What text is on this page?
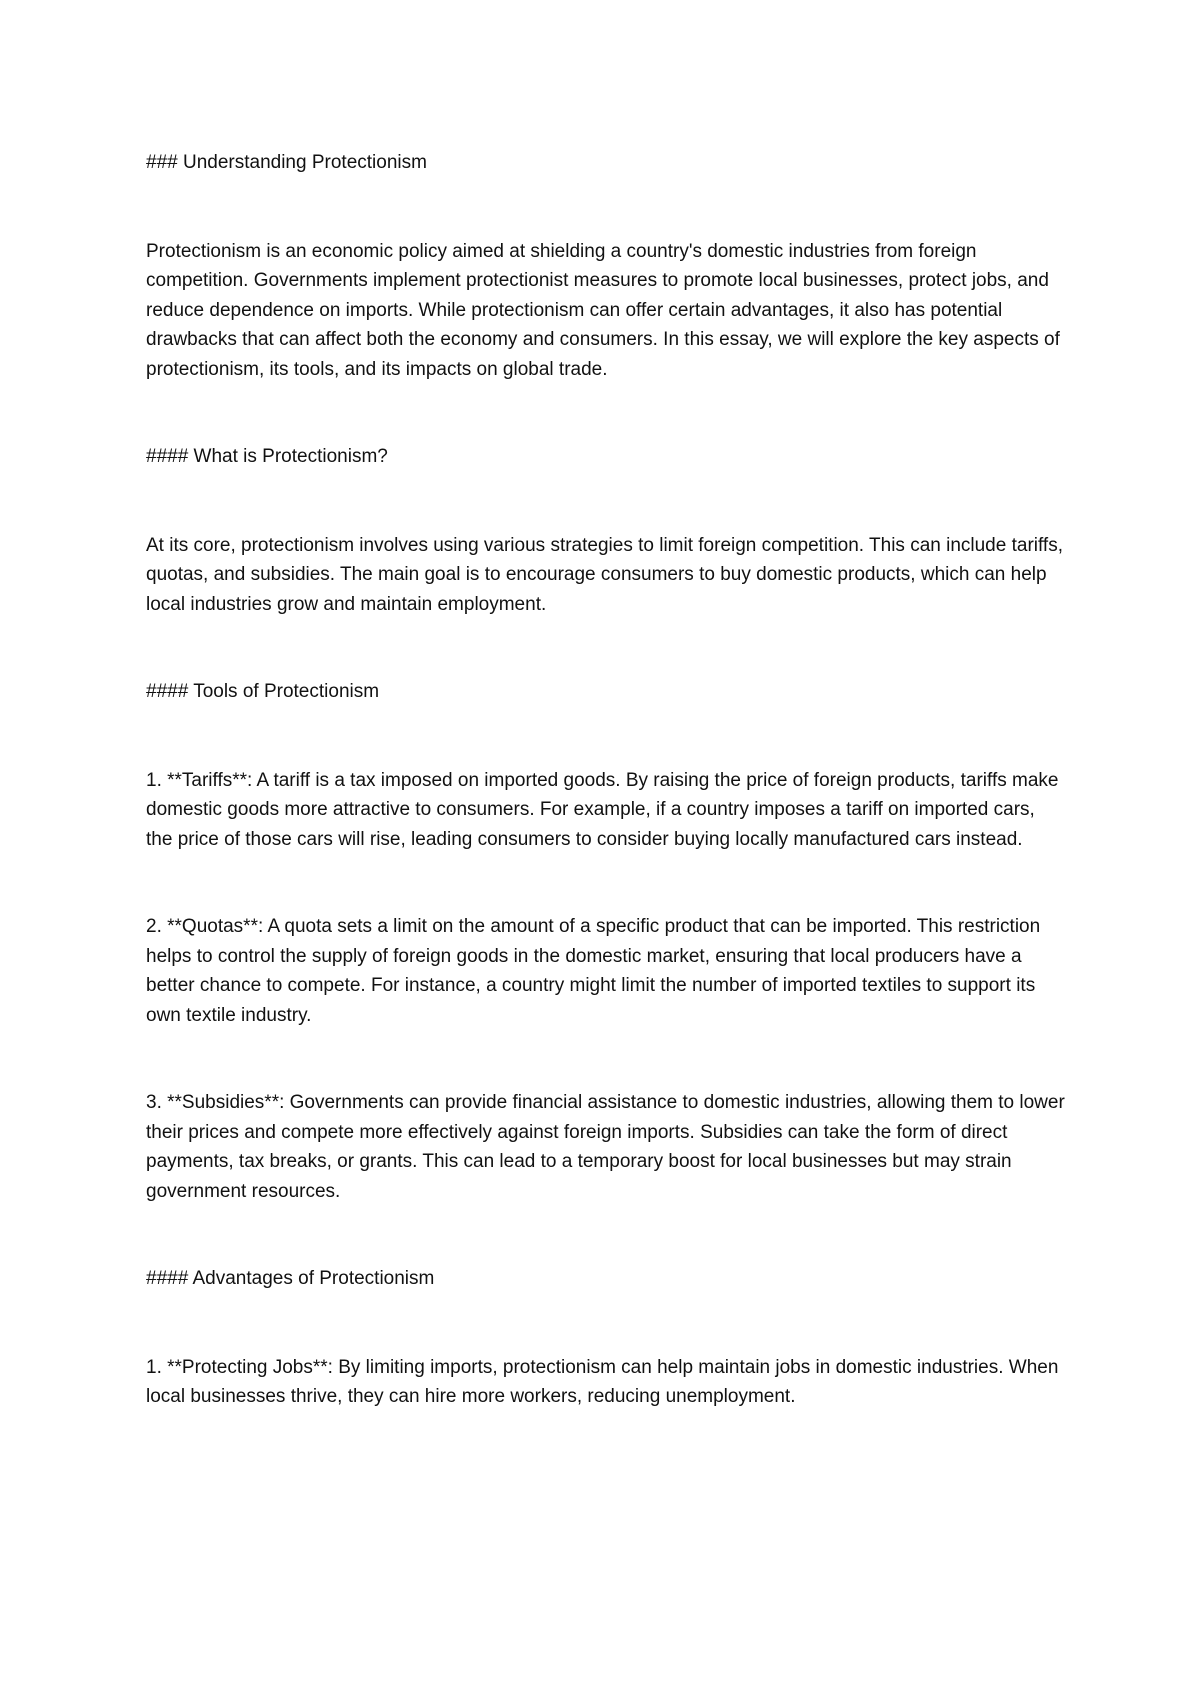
### Understanding Protectionism

Protectionism is an economic policy aimed at shielding a country's domestic industries from foreign competition. Governments implement protectionist measures to promote local businesses, protect jobs, and reduce dependence on imports. While protectionism can offer certain advantages, it also has potential drawbacks that can affect both the economy and consumers. In this essay, we will explore the key aspects of protectionism, its tools, and its impacts on global trade.

#### What is Protectionism?

At its core, protectionism involves using various strategies to limit foreign competition. This can include tariffs, quotas, and subsidies. The main goal is to encourage consumers to buy domestic products, which can help local industries grow and maintain employment.

#### Tools of Protectionism

1. **Tariffs**: A tariff is a tax imposed on imported goods. By raising the price of foreign products, tariffs make domestic goods more attractive to consumers. For example, if a country imposes a tariff on imported cars, the price of those cars will rise, leading consumers to consider buying locally manufactured cars instead.

2. **Quotas**: A quota sets a limit on the amount of a specific product that can be imported. This restriction helps to control the supply of foreign goods in the domestic market, ensuring that local producers have a better chance to compete. For instance, a country might limit the number of imported textiles to support its own textile industry.

3. **Subsidies**: Governments can provide financial assistance to domestic industries, allowing them to lower their prices and compete more effectively against foreign imports. Subsidies can take the form of direct payments, tax breaks, or grants. This can lead to a temporary boost for local businesses but may strain government resources.

#### Advantages of Protectionism

1. **Protecting Jobs**: By limiting imports, protectionism can help maintain jobs in domestic industries. When local businesses thrive, they can hire more workers, reducing unemployment.
